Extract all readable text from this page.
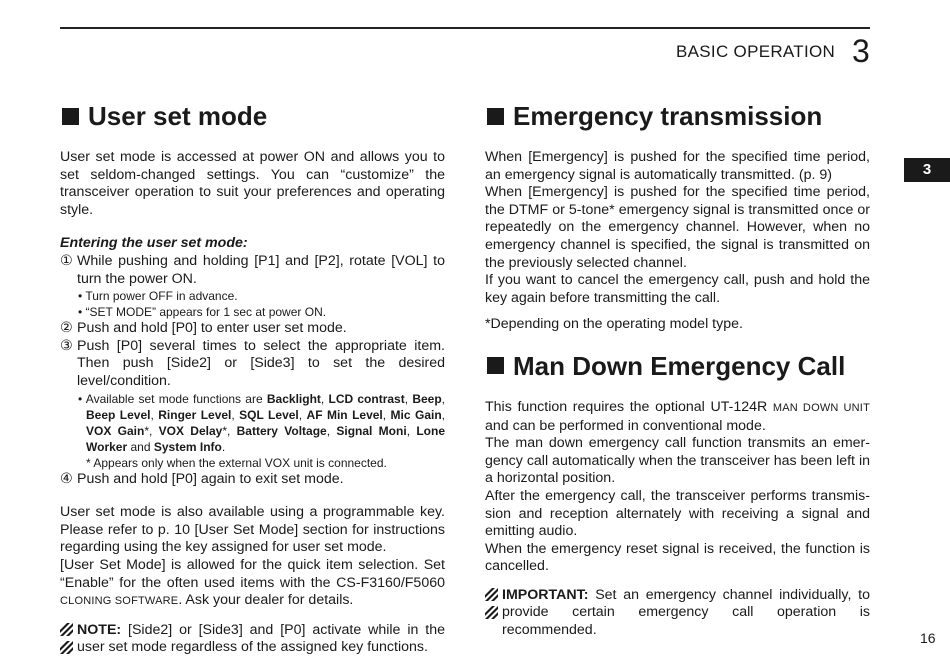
BASIC OPERATION 3
3
User set mode

User set mode is accessed at power ON and allows you to set seldom-changed settings. You can “customize” the transceiver operation to suit your preferences and operating style.

Entering the user set mode:

① While pushing and holding [P1] and [P2], rotate [VOL] to turn the power ON.

• Turn power OFF in advance.
• “SET MODE” appears for 1 sec at power ON.
② Push and hold [P0] to enter user set mode.

③ Push [P0] several times to select the appropriate item. Then push [Side2] or [Side3] to set the desired level/condition.

• Available set mode functions are Backlight, LCD contrast, Beep, Beep Level, Ringer Level, SQL Level, AF Min Level, Mic Gain, VOX Gain*, VOX Delay*, Battery Voltage, Signal Moni, Lone Worker and System Info.
* Appears only when the external VOX unit is connected.
④ Push and hold [P0] again to exit set mode.

User set mode is also available using a programmable key. Please refer to p. 10 [User Set Mode] section for instructions regarding using the key assigned for user set mode.

[User Set Mode] is allowed for the quick item selection. Set “Enable” for the often used items with the CS-F3160/F5060 CLONING SOFTWARE. Ask your dealer for details.

NOTE: [Side2] or [Side3] and [P0] activate while in the user set mode regardless of the assigned key functions.

Emergency transmission

When [Emergency] is pushed for the specified time period, an emergency signal is automatically transmitted. (p. 9)

When [Emergency] is pushed for the specified time period, the DTMF or 5-tone* emergency signal is transmitted once or repeatedly on the emergency channel. However, when no emergency channel is specified, the signal is transmitted on the previously selected channel.

If you want to cancel the emergency call, push and hold the key again before transmitting the call.

*Depending on the operating model type.

Man Down Emergency Call

This function requires the optional UT-124R MAN DOWN UNIT and can be performed in conventional mode.

The man down emergency call function transmits an emergency call automatically when the transceiver has been left in a horizontal position.

After the emergency call, the transceiver performs transmission and reception alternately with receiving a signal and emitting audio.

When the emergency reset signal is received, the function is cancelled.

IMPORTANT: Set an emergency channel individually, to provide certain emergency call operation is recommended.	16
